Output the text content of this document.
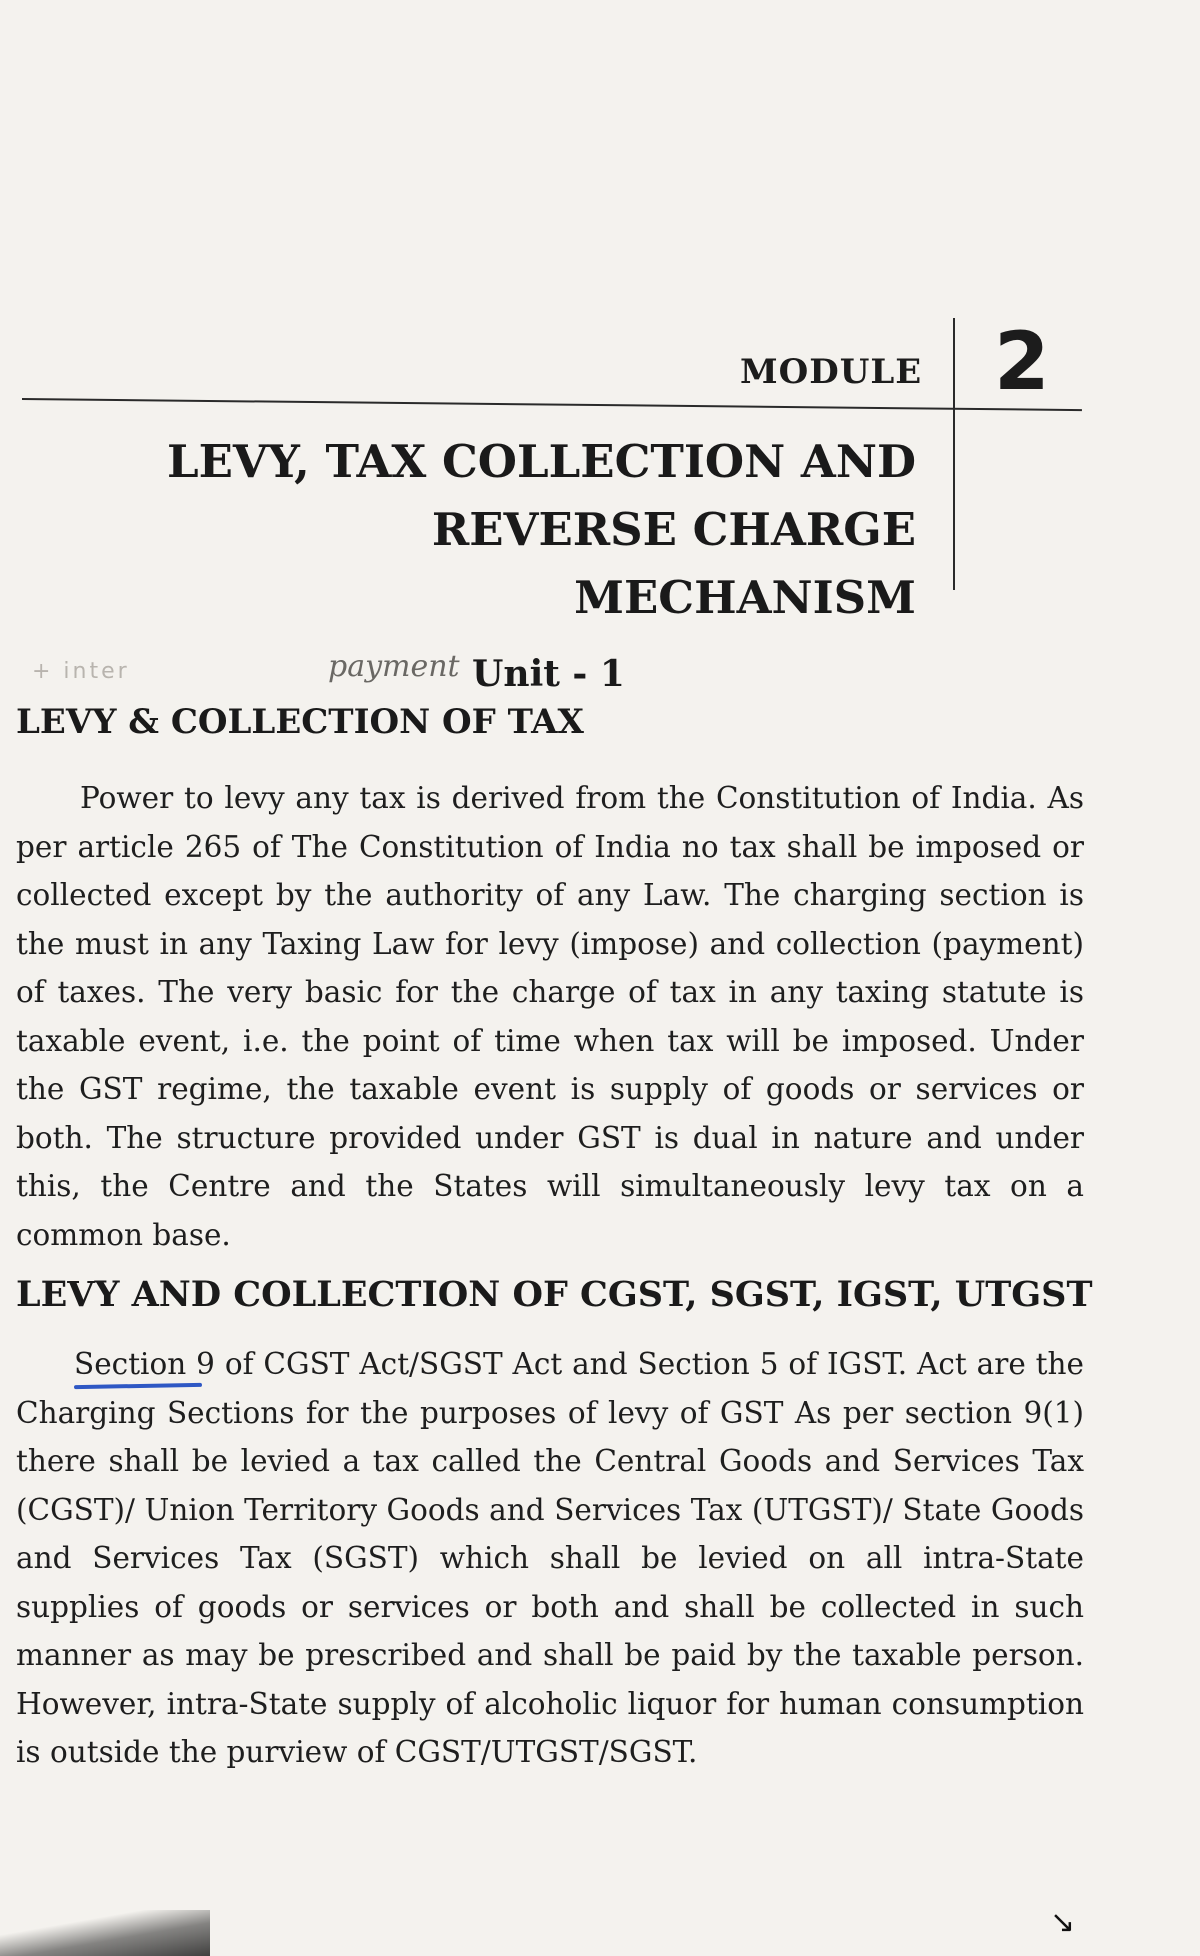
MODULE 2
LEVY, TAX COLLECTION AND
REVERSE CHARGE MECHANISM
+ inter	payment Unit - 1
LEVY & COLLECTION OF TAX
Power to levy any tax is derived from the Constitution of India. As per article 265 of The Constitution of India no tax shall be imposed or collected except by the authority of any Law. The charging section is the must in any Taxing Law for levy (impose) and collection (payment) of taxes. The very basic for the charge of tax in any taxing statute is taxable event, i.e. the point of time when tax will be imposed. Under the GST regime, the taxable event is supply of goods or services or both. The structure provided under GST is dual in nature and under this, the Centre and the States will simultaneously levy tax on a common base.
LEVY AND COLLECTION OF CGST, SGST, IGST, UTGST
Section 9 of CGST Act/SGST Act and Section 5 of IGST. Act are the Charging Sections for the purposes of levy of GST As per section 9(1) there shall be levied a tax called the Central Goods and Services Tax (CGST)/ Union Territory Goods and Services Tax (UTGST)/ State Goods and Services Tax (SGST) which shall be levied on all intra-State supplies of goods or services or both and shall be collected in such manner as may be prescribed and shall be paid by the taxable person. However, intra-State supply of alcoholic liquor for human consumption is outside the purview of CGST/UTGST/SGST.
↘
